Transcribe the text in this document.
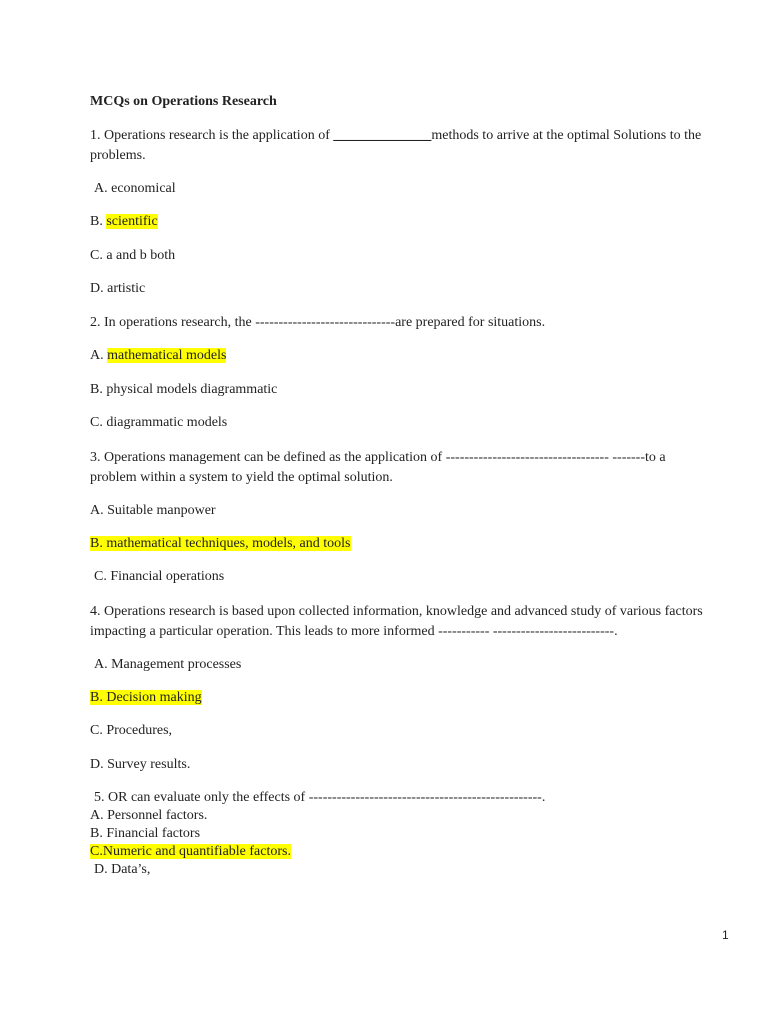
MCQs on Operations Research
1. Operations research is the application of ______________methods to arrive at the optimal Solutions to the problems.
A. economical
B. scientific
C. a and b both
D. artistic
2. In operations research, the ------------------------------are prepared for situations.
A. mathematical models
B. physical models diagrammatic
C. diagrammatic models
3. Operations management can be defined as the application of ----------------------------------- -------to a problem within a system to yield the optimal solution.
A. Suitable manpower
B. mathematical techniques, models, and tools
C. Financial operations
4. Operations research is based upon collected information, knowledge and advanced study of various factors impacting a particular operation. This leads to more informed ----------- --------------------------.
A. Management processes
B. Decision making
C. Procedures,
D. Survey results.
5. OR can evaluate only the effects of --------------------------------------------------.
A. Personnel factors.
B. Financial factors
C.Numeric and quantifiable factors.
D. Data’s,
1
